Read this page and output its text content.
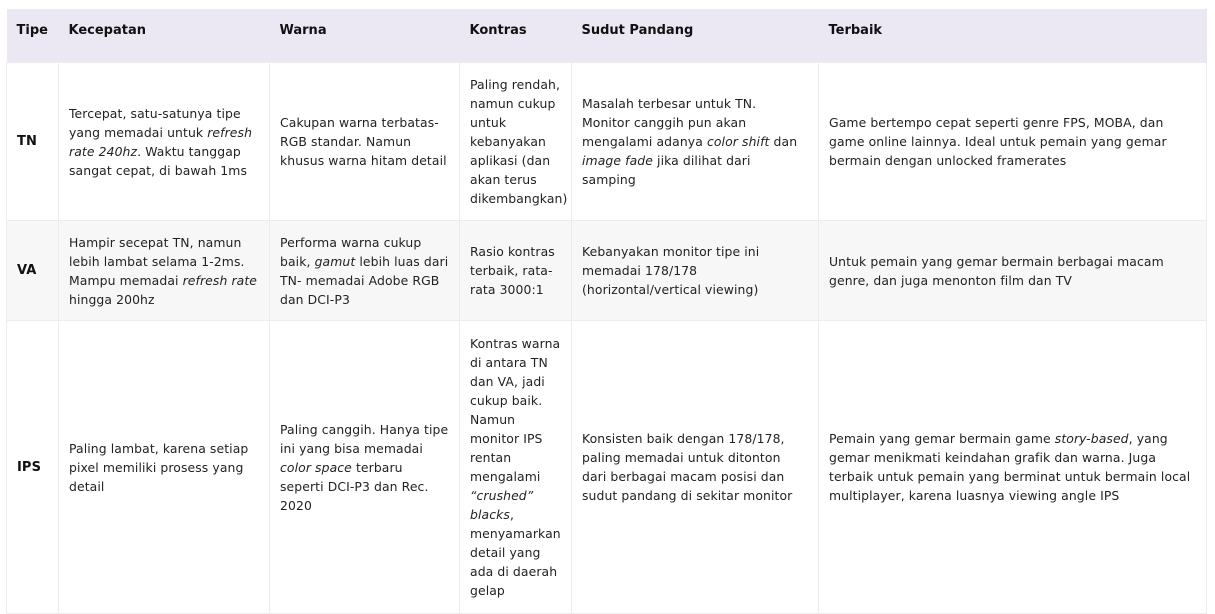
Tipe	Kecepatan	Warna	Kontras	Sudut Pandang	Terbaik
TN	Tercepat, satu-satunya tipe yang memadai untuk refresh rate 240hz. Waktu tanggap sangat cepat, di bawah 1ms	Cakupan warna terbatas- RGB standar. Namun khusus warna hitam detail	Paling rendah, namun cukup untuk kebanyakan aplikasi (dan akan terus dikembangkan)	Masalah terbesar untuk TN. Monitor canggih pun akan mengalami adanya color shift dan image fade jika dilihat dari samping	Game bertempo cepat seperti genre FPS, MOBA, dan game online lainnya. Ideal untuk pemain yang gemar bermain dengan unlocked framerates
VA	Hampir secepat TN, namun lebih lambat selama 1-2ms. Mampu memadai refresh rate hingga 200hz	Performa warna cukup baik, gamut lebih luas dari TN- memadai Adobe RGB dan DCI-P3	Rasio kontras terbaik, rata-rata 3000:1	Kebanyakan monitor tipe ini memadai 178/178 (horizontal/vertical viewing)	Untuk pemain yang gemar bermain berbagai macam genre, dan juga menonton film dan TV
IPS	Paling lambat, karena setiap pixel memiliki prosess yang detail	Paling canggih. Hanya tipe ini yang bisa memadai color space terbaru seperti DCI-P3 dan Rec. 2020	Kontras warna di antara TN dan VA, jadi cukup baik. Namun monitor IPS rentan mengalami “crushed” blacks, menyamarkan detail yang ada di daerah gelap	Konsisten baik dengan 178/178, paling memadai untuk ditonton dari berbagai macam posisi dan sudut pandang di sekitar monitor	Pemain yang gemar bermain game story-based, yang gemar menikmati keindahan grafik dan warna. Juga terbaik untuk pemain yang berminat untuk bermain local multiplayer, karena luasnya viewing angle IPS
